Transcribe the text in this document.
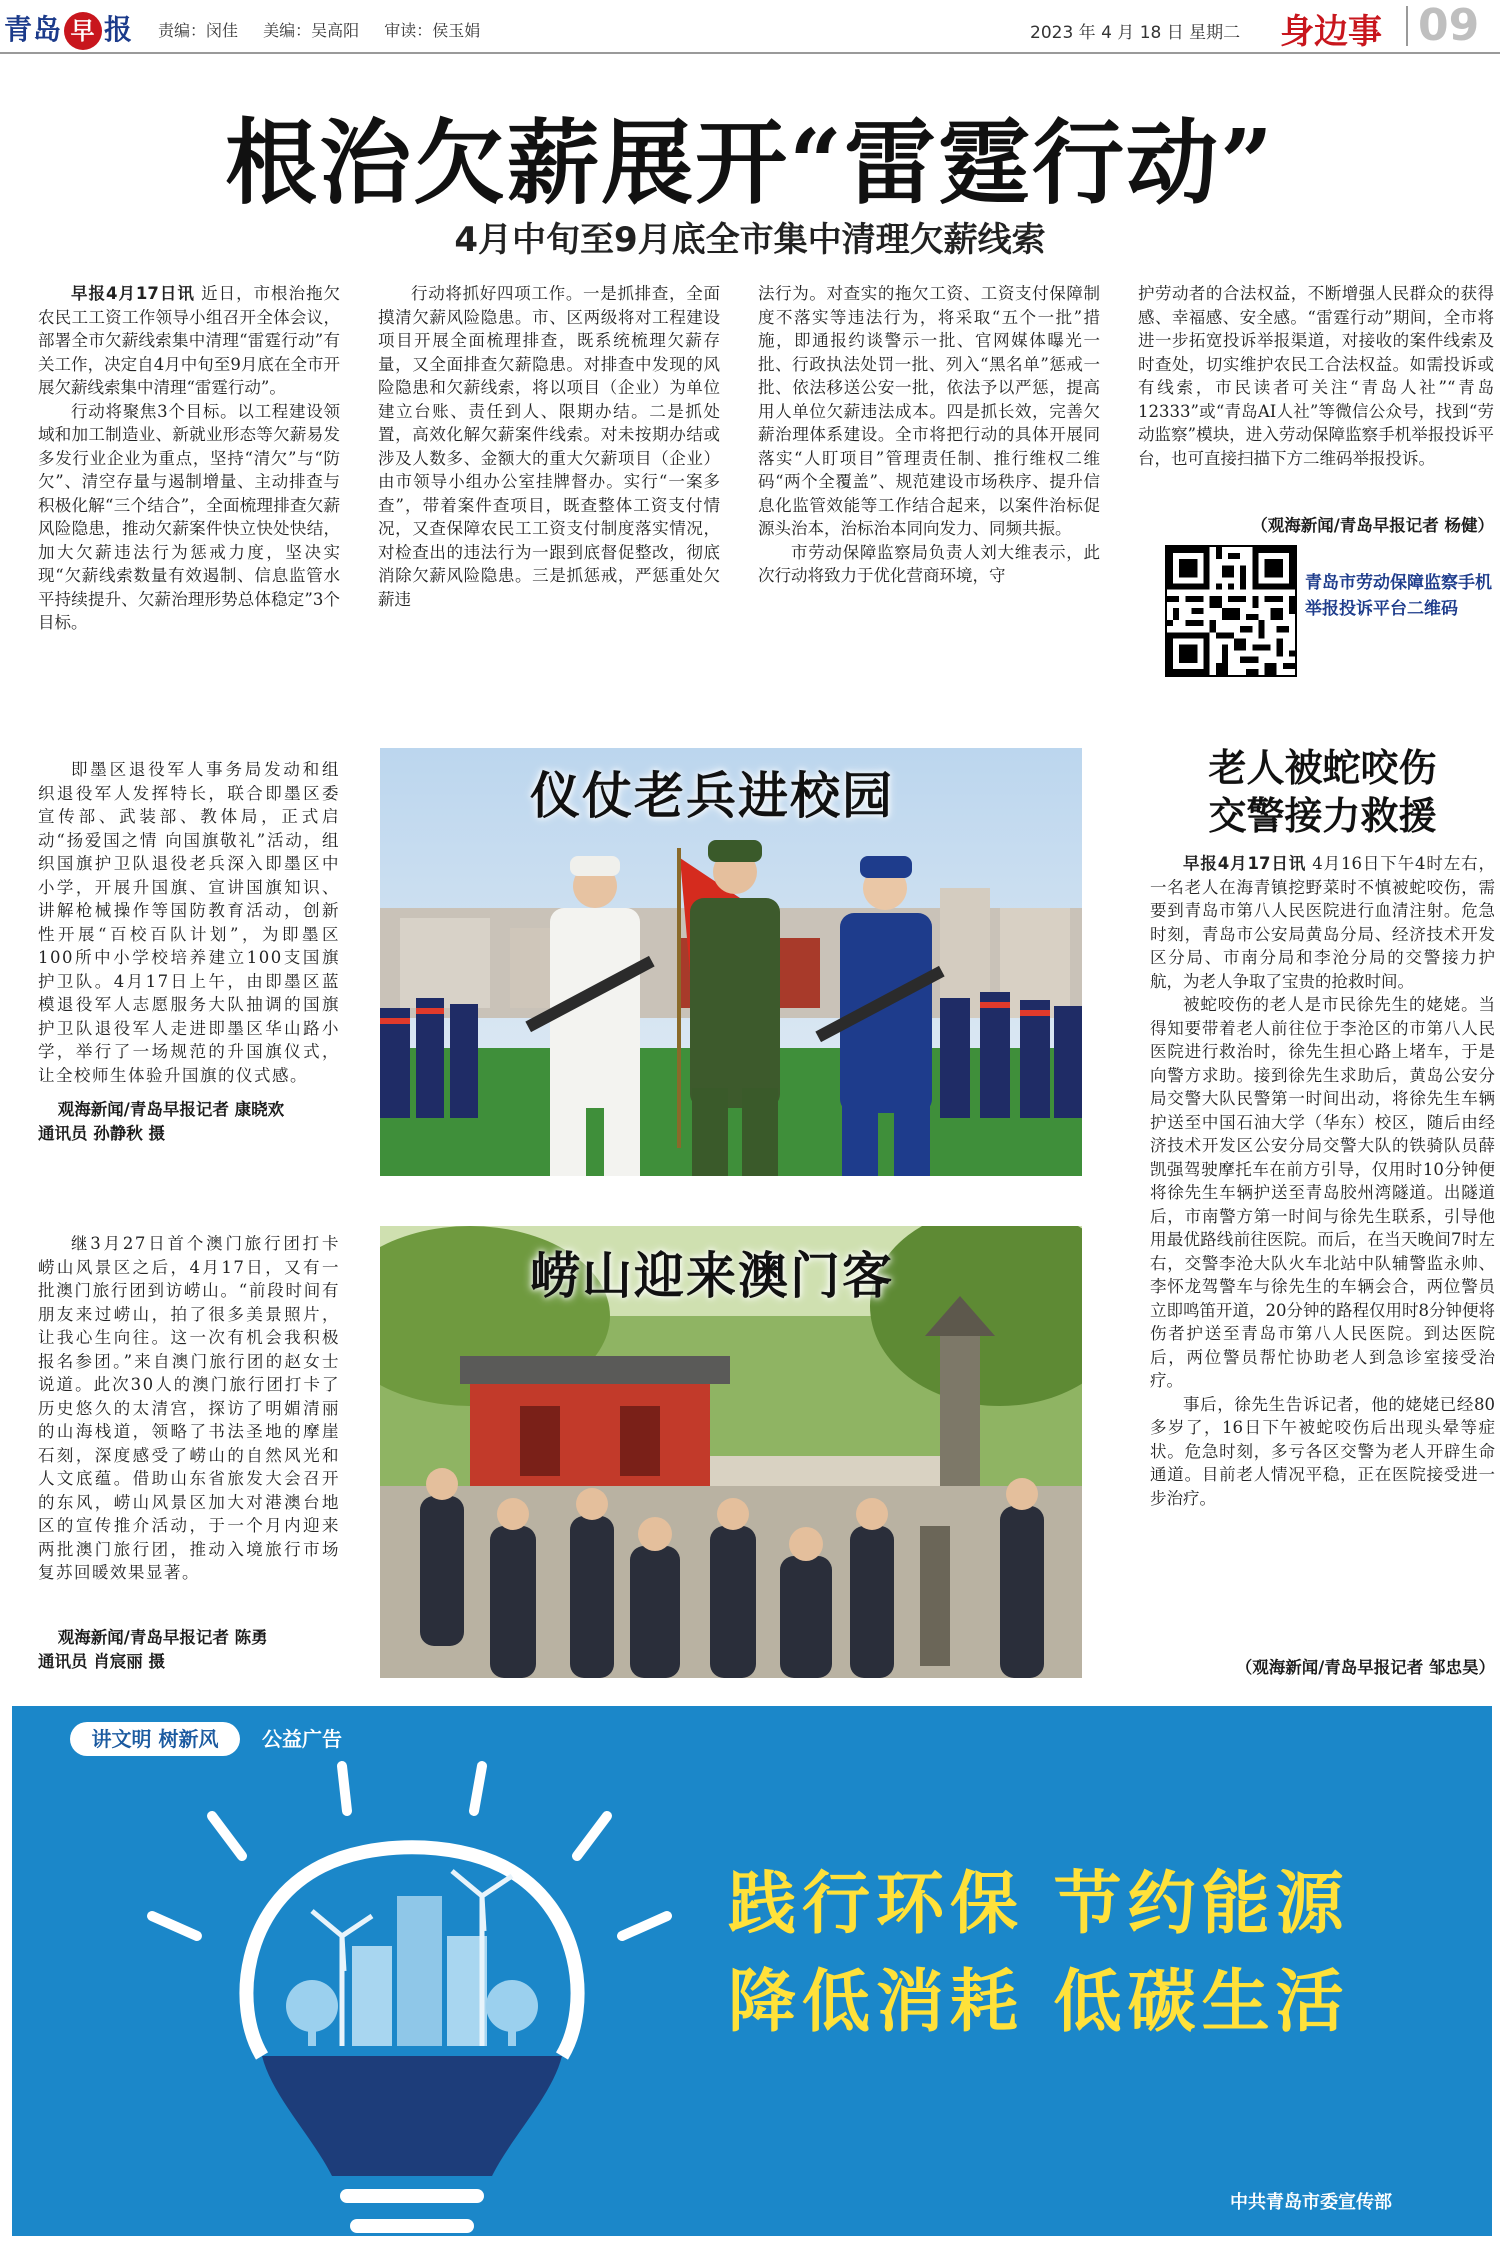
青岛 早 报 责编：闵佳 美编：吴高阳 审读：侯玉娟	2023 年 4 月 18 日 星期二 身边事 09
根治欠薪展开“雷霆行动”
4月中旬至9月底全市集中清理欠薪线索

早报4月17日讯 近日，市根治拖欠农民工工资工作领导小组召开全体会议，部署全市欠薪线索集中清理“雷霆行动”有关工作，决定自4月中旬至9月底在全市开展欠薪线索集中清理“雷霆行动”。

行动将聚焦3个目标。以工程建设领域和加工制造业、新就业形态等欠薪易发多发行业企业为重点，坚持“清欠”与“防欠”、清空存量与遏制增量、主动排查与积极化解“三个结合”，全面梳理排查欠薪风险隐患，推动欠薪案件快立快处快结，加大欠薪违法行为惩戒力度，坚决实现“欠薪线索数量有效遏制、信息监管水平持续提升、欠薪治理形势总体稳定”3个目标。

行动将抓好四项工作。一是抓排查，全面摸清欠薪风险隐患。市、区两级将对工程建设项目开展全面梳理排查，既系统梳理欠薪存量，又全面排查欠薪隐患。对排查中发现的风险隐患和欠薪线索，将以项目（企业）为单位建立台账、责任到人、限期办结。二是抓处置，高效化解欠薪案件线索。对未按期办结或涉及人数多、金额大的重大欠薪项目（企业）由市领导小组办公室挂牌督办。实行“一案多查”，带着案件查项目，既查整体工资支付情况，又查保障农民工工资支付制度落实情况，对检查出的违法行为一跟到底督促整改，彻底消除欠薪风险隐患。三是抓惩戒，严惩重处欠薪违

法行为。对查实的拖欠工资、工资支付保障制度不落实等违法行为，将采取“五个一批”措施，即通报约谈警示一批、官网媒体曝光一批、行政执法处罚一批、列入“黑名单”惩戒一批、依法移送公安一批，依法予以严惩，提高用人单位欠薪违法成本。四是抓长效，完善欠薪治理体系建设。全市将把行动的具体开展同落实“人盯项目”管理责任制、推行维权二维码“两个全覆盖”、规范建设市场秩序、提升信息化监管效能等工作结合起来，以案件治标促源头治本，治标治本同向发力、同频共振。

市劳动保障监察局负责人刘大维表示，此次行动将致力于优化营商环境，守

护劳动者的合法权益，不断增强人民群众的获得感、幸福感、安全感。“雷霆行动”期间，全市将进一步拓宽投诉举报渠道，对接收的案件线索及时查处，切实维护农民工合法权益。如需投诉或有线索，市民读者可关注“青岛人社”“青岛12333”或“青岛AI人社”等微信公众号，找到“劳动监察”模块，进入劳动保障监察手机举报投诉平台，也可直接扫描下方二维码举报投诉。

（观海新闻/青岛早报记者 杨健）
青岛市劳动保障监察手机举报投诉平台二维码

即墨区退役军人事务局发动和组织退役军人发挥特长，联合即墨区委宣传部、武装部、教体局，正式启动“扬爱国之情 向国旗敬礼”活动，组织国旗护卫队退役老兵深入即墨区中小学，开展升国旗、宣讲国旗知识、讲解枪械操作等国防教育活动，创新性开展“百校百队计划”，为即墨区100所中小学校培养建立100支国旗护卫队。4月17日上午，由即墨区蓝模退役军人志愿服务大队抽调的国旗护卫队退役军人走进即墨区华山路小学，举行了一场规范的升国旗仪式，让全校师生体验升国旗的仪式感。

观海新闻/青岛早报记者 康晓欢
通讯员 孙静秋 摄
仪仗老兵进校园

继3月27日首个澳门旅行团打卡崂山风景区之后，4月17日，又有一批澳门旅行团到访崂山。“前段时间有朋友来过崂山，拍了很多美景照片，让我心生向往。这一次有机会我积极报名参团。”来自澳门旅行团的赵女士说道。此次30人的澳门旅行团打卡了历史悠久的太清宫，探访了明媚清丽的山海栈道，领略了书法圣地的摩崖石刻，深度感受了崂山的自然风光和人文底蕴。借助山东省旅发大会召开的东风，崂山风景区加大对港澳台地区的宣传推介活动，于一个月内迎来两批澳门旅行团，推动入境旅行市场复苏回暖效果显著。

观海新闻/青岛早报记者 陈勇
通讯员 肖宸丽 摄
崂山迎来澳门客
老人被蛇咬伤
交警接力救援

早报4月17日讯 4月16日下午4时左右，一名老人在海青镇挖野菜时不慎被蛇咬伤，需要到青岛市第八人民医院进行血清注射。危急时刻，青岛市公安局黄岛分局、经济技术开发区分局、市南分局和李沧分局的交警接力护航，为老人争取了宝贵的抢救时间。

被蛇咬伤的老人是市民徐先生的姥姥。当得知要带着老人前往位于李沧区的市第八人民医院进行救治时，徐先生担心路上堵车，于是向警方求助。接到徐先生求助后，黄岛公安分局交警大队民警第一时间出动，将徐先生车辆护送至中国石油大学（华东）校区，随后由经济技术开发区公安分局交警大队的铁骑队员薛凯强驾驶摩托车在前方引导，仅用时10分钟便将徐先生车辆护送至青岛胶州湾隧道。出隧道后，市南警方第一时间与徐先生联系，引导他用最优路线前往医院。而后，在当天晚间7时左右，交警李沧大队火车北站中队辅警监永帅、李怀龙驾警车与徐先生的车辆会合，两位警员立即鸣笛开道，20分钟的路程仅用时8分钟便将伤者护送至青岛市第八人民医院。到达医院后，两位警员帮忙协助老人到急诊室接受治疗。

事后，徐先生告诉记者，他的姥姥已经80多岁了，16日下午被蛇咬伤后出现头晕等症状。危急时刻，多亏各区交警为老人开辟生命通道。目前老人情况平稳，正在医院接受进一步治疗。

（观海新闻/青岛早报记者 邹忠昊）
讲文明 树新风	公益广告
践行环保 节约能源
降低消耗 低碳生活
中共青岛市委宣传部
